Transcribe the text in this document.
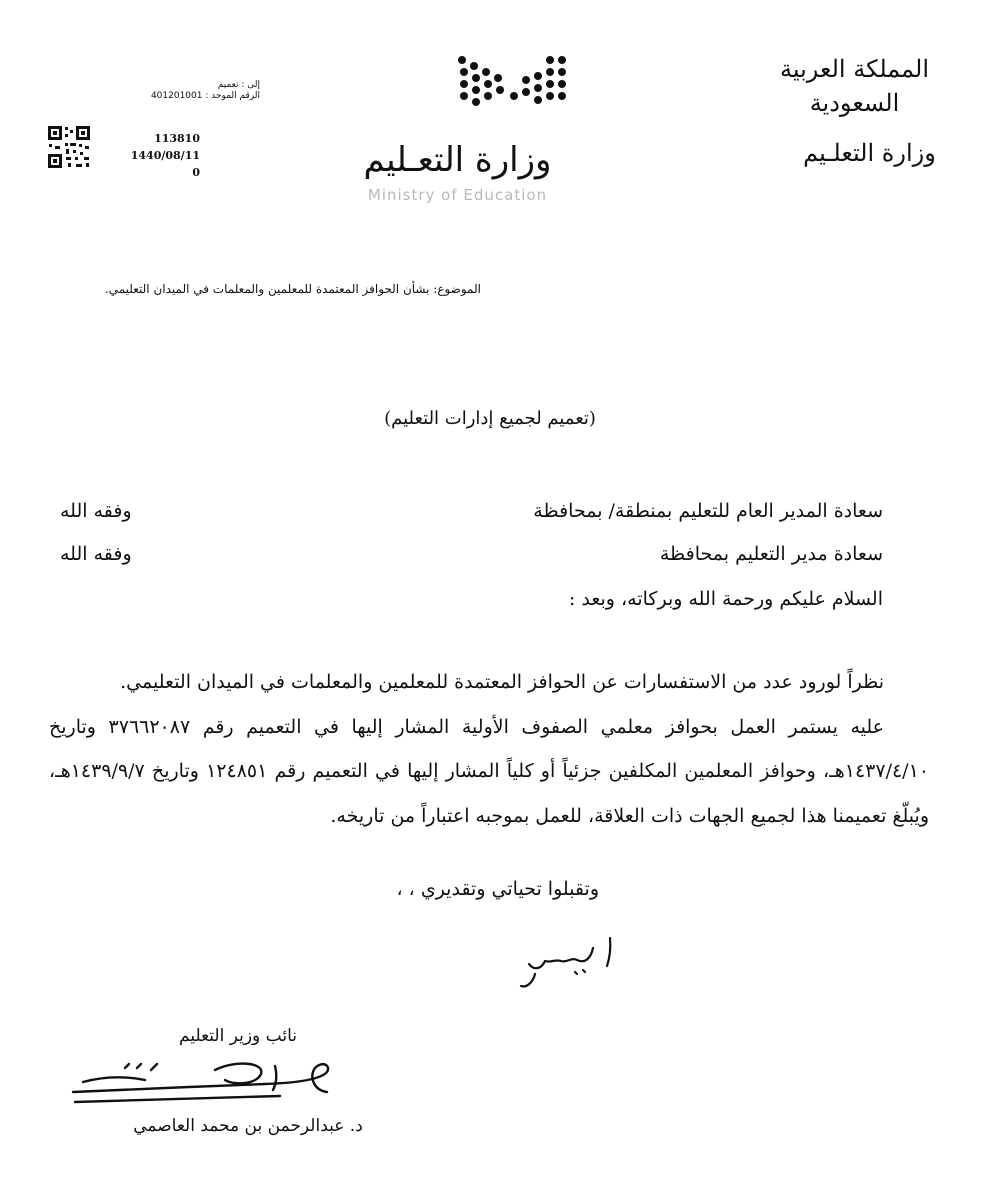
المملكة العربية السعودية
وزارة التعلـيم
وزارة التعـليم
Ministry of Education
إلى : تعميم
الرقم الموحد : 401201001
113810
1440/08/11
0
الموضوع: بشأن الحوافز المعتمدة للمعلمين والمعلمات في الميدان التعليمي.
(تعميم لجميع إدارات التعليم)
سعادة المدير العام للتعليم بمنطقة/ بمحافظة
وفقه الله
سعادة مدير التعليم بمحافظة
وفقه الله
السلام عليكم ورحمة الله وبركاته، وبعد :

نظراً لورود عدد من الاستفسارات عن الحوافز المعتمدة للمعلمين والمعلمات في الميدان التعليمي.

عليه يستمر العمل بحوافز معلمي الصفوف الأولية المشار إليها في التعميم رقم ٣٧٦٦٢٠٨٧ وتاريخ ١٤٣٧/٤/١٠هـ، وحوافز المعلمين المكلفين جزئياً أو كلياً المشار إليها في التعميم رقم ١٢٤٨٥١ وتاريخ ١٤٣٩/٩/٧هـ، ويُبلّغ تعميمنا هذا لجميع الجهات ذات العلاقة، للعمل بموجبه اعتباراً من تاريخه.

وتقبلوا تحياتي وتقديري ، ،
نائب وزير التعليم
د. عبدالرحمن بن محمد العاصمي
